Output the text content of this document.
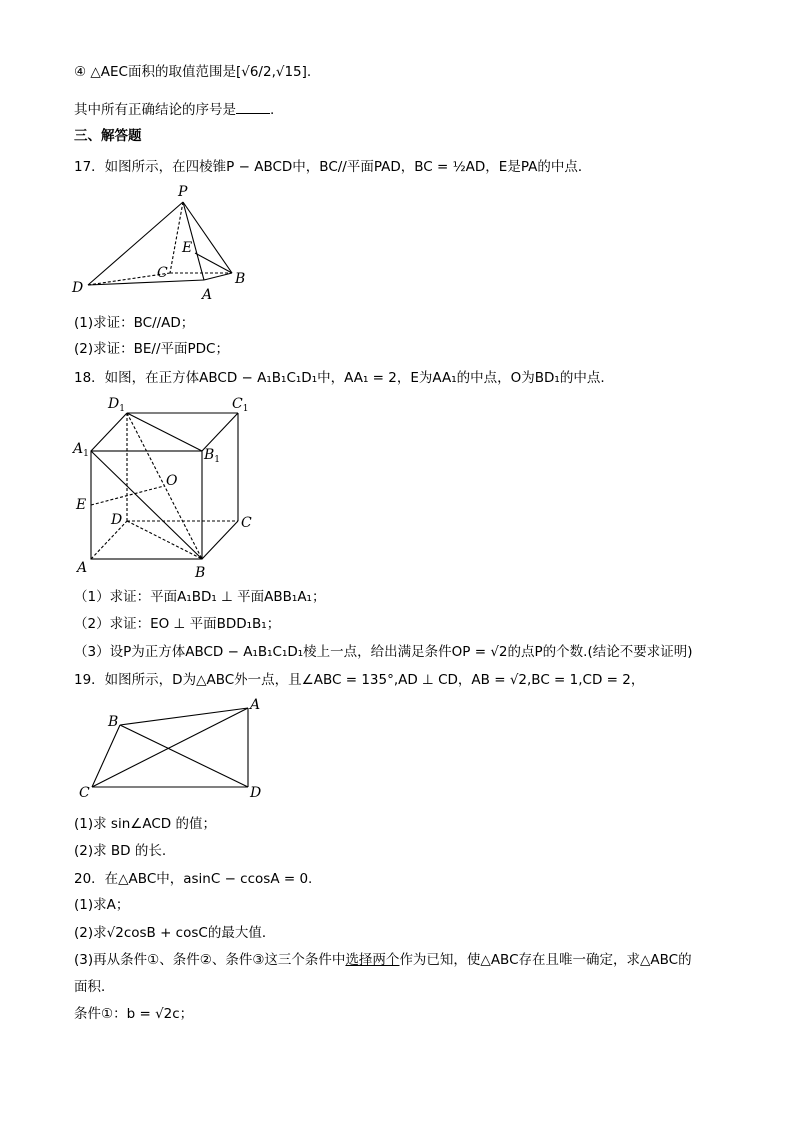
④ △AEC面积的取值范围是[√6/2,√15].
其中所有正确结论的序号是	.
三、解答题
17．如图所示，在四棱锥P − ABCD中，BC//平面PAD，BC = ½AD，E是PA的中点．
P
E
C	B
D	A
(1)求证：BC//AD；
(2)求证：BE//平面PDC；
18．如图，在正方体ABCD − A₁B₁C₁D₁中，AA₁ = 2，E为AA₁的中点，O为BD₁的中点.
$D_1$	$C_1$
$A_1$	$B_1$
O
E
D	C
A	B
（1）求证：平面A₁BD₁ ⊥ 平面ABB₁A₁；
（2）求证：EO ⊥ 平面BDD₁B₁；
（3）设P为正方体ABCD − A₁B₁C₁D₁棱上一点，给出满足条件OP = √2的点P的个数.(结论不要求证明)
19．如图所示，D为△ABC外一点，且∠ABC = 135°,AD ⊥ CD，AB = √2,BC = 1,CD = 2，
B
A
C	D
(1)求 sin∠ACD 的值；
(2)求 BD 的长.
20．在△ABC中，asinC − ccosA = 0.
(1)求A；
(2)求√2cosB + cosC的最大值．
(3)再从条件①、条件②、条件③这三个条件中选择两个作为已知，使△ABC存在且唯一确定，求△ABC的
面积．
条件①：b = √2c；
